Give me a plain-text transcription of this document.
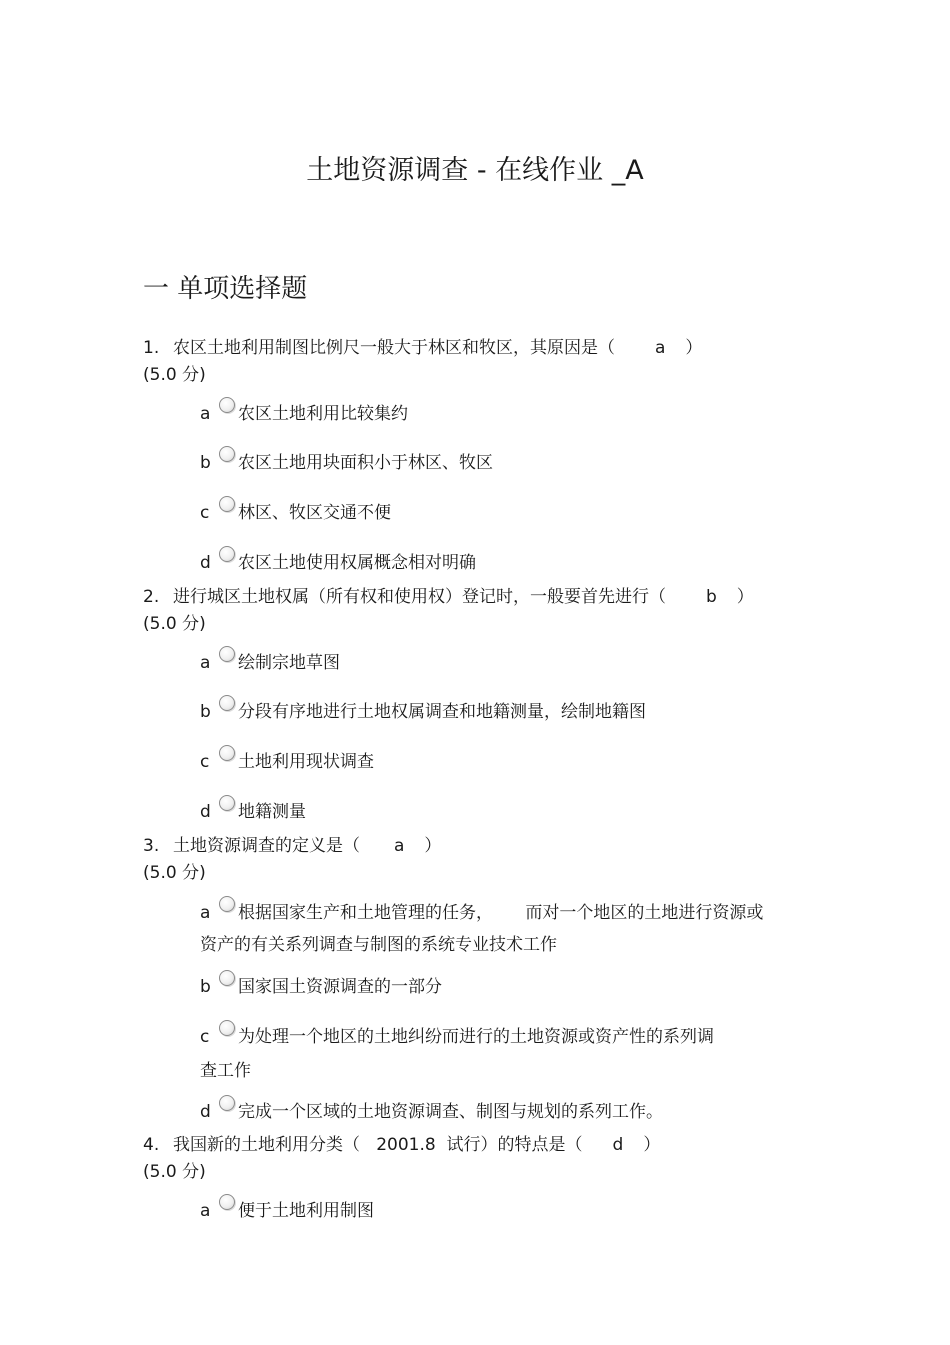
土地资源调查 - 在线作业 _A
一 单项选择题
1. 农区土地利用制图比例尺一般大于林区和牧区，其原因是（ a ）
(5.0 分)
a 农区土地利用比较集约
b 农区土地用块面积小于林区、牧区
c 林区、牧区交通不便
d 农区土地使用权属概念相对明确
2. 进行城区土地权属（所有权和使用权）登记时，一般要首先进行（ b ）
(5.0 分)
a 绘制宗地草图
b 分段有序地进行土地权属调查和地籍测量，绘制地籍图
c 土地利用现状调查
d 地籍测量
3. 土地资源调查的定义是（ a ）
(5.0 分)
a 根据国家生产和土地管理的任务，      而对一个地区的土地进行资源或
资产的有关系列调查与制图的系统专业技术工作
b 国家国土资源调查的一部分
c 为处理一个地区的土地纠纷而进行的土地资源或资产性的系列调
查工作
d 完成一个区域的土地资源调查、制图与规划的系列工作。
4. 我国新的土地利用分类（   2001.8  试行）的特点是（ d ）
(5.0 分)
a 便于土地利用制图
